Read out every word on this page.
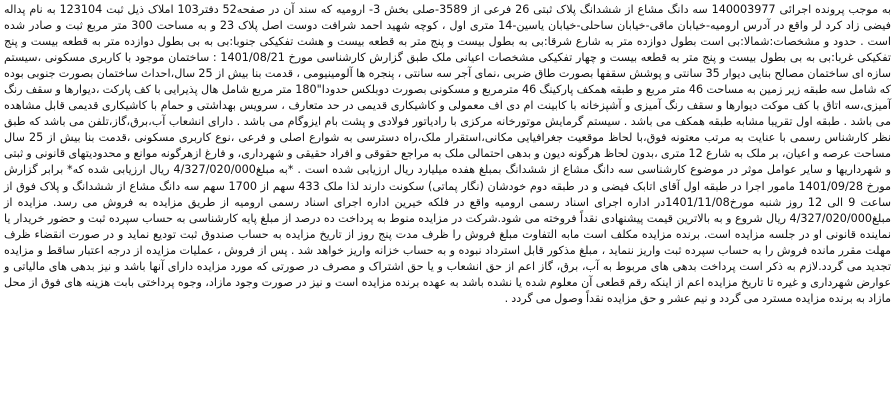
به موجب پرونده اجرائی 140003977 سه دانگ مشاع از ششدانگ پلاک ثبتی 26 فرعی از 3589-صلی بخش 3- ارومیه که سند آن در صفحه52 دفتر103 املاک ذیل ثبت 123104 به نام پداله فیضی زاد کرد لر واقع در آدرس ارومیه-خیابان ماقی-خیابان ساحلی-خیابان یاسین-14 متری اول ، کوچه شهید احمد شرافت دوست اصل پلاک 23 و به مساحت 300 متر مربع ثبت و صادر شده است . حدود و مشخصات:شمالا:بی است بطول دوازده متر به شارع شرقا:بی به بطول بیست و پنج متر به قطعه بیست و هشت تفکیکی جنوبا:بی به بی بطول دوازده متر به قطعه بیست و پنج تفکیکی غربا:بی به بی بطول بیست و پنج متر به قطعه بیست و چهار تفکیکی مشخصات اعیانی ملک طبق گزارش کارشناسی مورخ 1401/08/21 : ساختمان موجود با کاربری مسکونی ،سیستم سازه ای ساختمان مصالح بنایی دیوار 35 سانتی و پوشش سقفها بصورت طاق ضربی ،نمای آجر سه سانتی ، پنجره ها آلومینیومی ، قدمت بنا بیش از 25 سال،احداث ساختمان بصورت جنوبی بوده که شامل سه طبقه زیر زمین به مساحت 46 متر مربع و طبقه همکف پارکینگ 46 مترمربع و مسکونی بصورت دوبلکس حدودا"180 متر مربع شامل هال پذیرایی با کف پارکت ،دیوارها و سقف رنگ آمیزی،سه اتاق با کف موکت دیوارها و سقف رنگ آمیزی و آشپزخانه با کابینت ام دی اف معمولی و کاشیکاری قدیمی در حد متعارف ، سرویس بهداشتی و حمام با کاشیکاری قدیمی قابل مشاهده می باشد . طبقه اول تقریبا مشابه طبقه همکف می باشد . سیستم گرمایش موتورخانه مرکزی با رادیاتور فولادی و پشت بام ایزوگام می باشد . دارای انشعاب آب،برق،گاز،تلفن می باشد که طبق نظر کارشناس رسمی با عنایت به مرتب معتونه فوق،با لحاظ موقعیت جغرافیایی مکانی،استقرار ملک،راه دسترسی به شوارع اصلی و فرعی ،نوع کاربری مسکونی ،قدمت بنا بیش از 25 سال مساحت عرصه و اعیان، بر ملک به شارع 12 متری ،بدون لحاظ هرگونه دیون و بدهی احتمالی ملک به مراجع حقوقی و افراد حقیقی و شهرداری، و فارغ ازهرگونه موانع و محدودیتهای قانونی و ثبتی و شهرداریها و سایر عوامل موثر در موضوع کارشناسی سه دانگ مشاع از ششدانگ بمبلغ هفده میلیارد ریال ارزیابی شده است . *به مبلغ4/327/020/000 ریال ارزیابی شده که* برابر گزارش مورخ 1401/09/28 مامور اجرا در طبقه اول آقای اتابک فیضی و در طبقه دوم خودشان (نگار پماتی) سکونت دارند لذا ملک 433 سهم از 1700 سهم سه دانگ مشاع از ششدانگ و پلاک فوق از ساعت 9 الی 12 روز شنبه مورخ1401/11/08در اداره اجرای اسناد رسمی ارومیه واقع در فلکه خیرین اداره اجرای اسناد رسمی ارومیه از طریق مزایده به فروش می رسد. مزایده از مبلغ4/327/020/000 ریال شروع و به بالاترین قیمت پیشنهادی نقداً فروخته می شود.شرکت در مزایده منوط به پرداخت ده درصد از مبلغ پایه کارشناسی به حساب سپرده ثبت و حضور خریدار یا نماینده قانونی او در جلسه مزایده است. برنده مزایده مکلف است مابه التفاوت مبلغ فروش را ظرف مدت پنج روز از تاریخ مزایده به حساب صندوق ثبت تودیع نماید و در صورت انقضاء ظرف مهلت مقرر مانده فروش را به حساب سپرده ثبت واریز ننماید ، مبلغ مذکور قابل استرداد نبوده و به حساب خزانه واریز خواهد شد . پس از فروش ، عملیات مزایده از درجه اعتبار ساقط و مزایده تجدید می گردد.لازم به ذکر است پرداخت بدهی های مربوط به آب، برق، گاز اعم از حق انشعاب و یا حق اشتراک و مصرف در صورتی که مورد مزایده دارای آنها باشد و نیز بدهی های مالیاتی و عوارض شهرداری و غیره تا تاریخ مزایده اعم از اینکه رقم قطعی آن معلوم شده یا نشده باشد به عهده برنده مزایده است و نیز در صورت وجود مازاد، وجوه پرداختی بابت هزینه های فوق از محل مازاد به برنده مزایده مسترد می گردد و نیم عشر و حق مزایده نقداً وصول می گردد .
